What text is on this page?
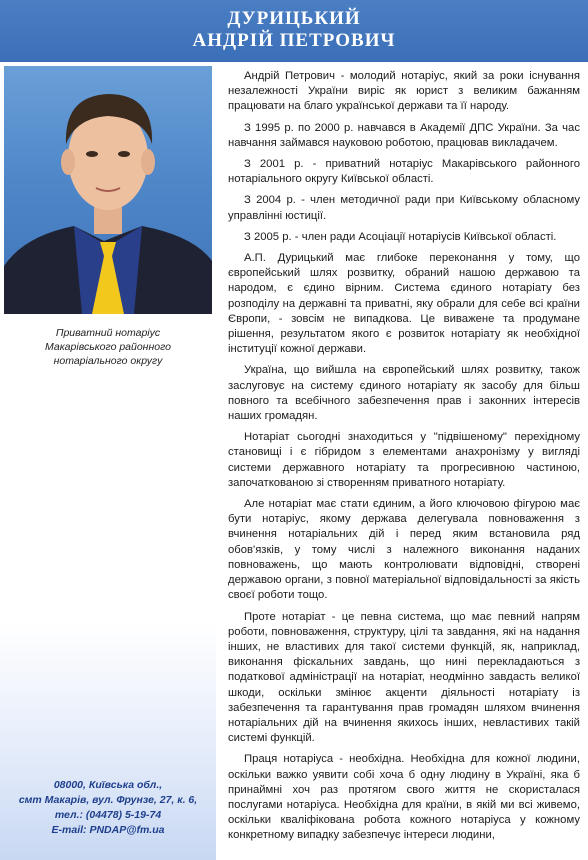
ДУРИЦЬКИЙ
АНДРІЙ ПЕТРОВИЧ
Приватний нотаріус
Макарівського районного
нотаріального округу
08000, Київська обл.,
смт Макарів, вул. Фрунзе, 27, к. 6,
тел.: (04478) 5-19-74
E-mail: PNDAP@fm.ua

Андрій Петрович - молодий нотаріус, який за роки існування незалежності України виріс як юрист з великим бажанням працювати на благо української держави та її народу.

З 1995 р. по 2000 р. навчався в Академії ДПС України. За час навчання займався науковою роботою, працював викладачем.

З 2001 р. - приватний нотаріус Макарівського районного нотаріального округу Київської області.

З 2004 р. - член методичної ради при Київському обласному управлінні юстиції.

З 2005 р. - член ради Асоціації нотаріусів Київської області.

А.П. Дурицький має глибоке переконання у тому, що європейський шлях розвитку, обраний нашою державою та народом, є єдино вірним. Система єдиного нотаріату без розподілу на державні та приватні, яку обрали для себе всі країни Європи, - зовсім не випадкова. Це виважене та продумане рішення, результатом якого є розвиток нотаріату як необхідної інституції кожної держави.

Україна, що вийшла на європейський шлях розвитку, також заслуговує на систему єдиного нотаріату як засобу для більш повного та всебічного забезпечення прав і законних інтересів наших громадян.

Нотаріат сьогодні знаходиться у "підвішеному" перехідному становищі і є гібридом з елементами анахронізму у вигляді системи державного нотаріату та прогресивною частиною, започаткованою зі створенням приватного нотаріату.

Але нотаріат має стати єдиним, а його ключовою фігурою має бути нотаріус, якому держава делегувала повноваження з вчинення нотаріальних дій і перед яким встановила ряд обов'язків, у тому числі з належного виконання наданих повноважень, що мають контролювати відповідні, створені державою органи, з повної матеріальної відповідальності за якість своєї роботи тощо.

Проте нотаріат - це певна система, що має певний напрям роботи, повноваження, структуру, цілі та завдання, які на надання інших, не властивих для такої системи функцій, як, наприклад, виконання фіскальних завдань, що нині перекладаються з податкової адміністрації на нотаріат, неодмінно завдасть великої шкоди, оскільки змінює акценти діяльності нотаріату із забезпечення та гарантування прав громадян шляхом вчинення нотаріальних дій на вчинення якихось інших, невластивих такій системі функцій.

Праця нотаріуса - необхідна. Необхідна для кожної людини, оскільки важко уявити собі хоча б одну людину в Україні, яка б принаймні хоч раз протягом свого життя не скористалася послугами нотаріуса. Необхідна для країни, в якій ми всі живемо, оскільки кваліфікована робота кожного нотаріуса у кожному конкретному випадку забезпечує інтереси людини,
